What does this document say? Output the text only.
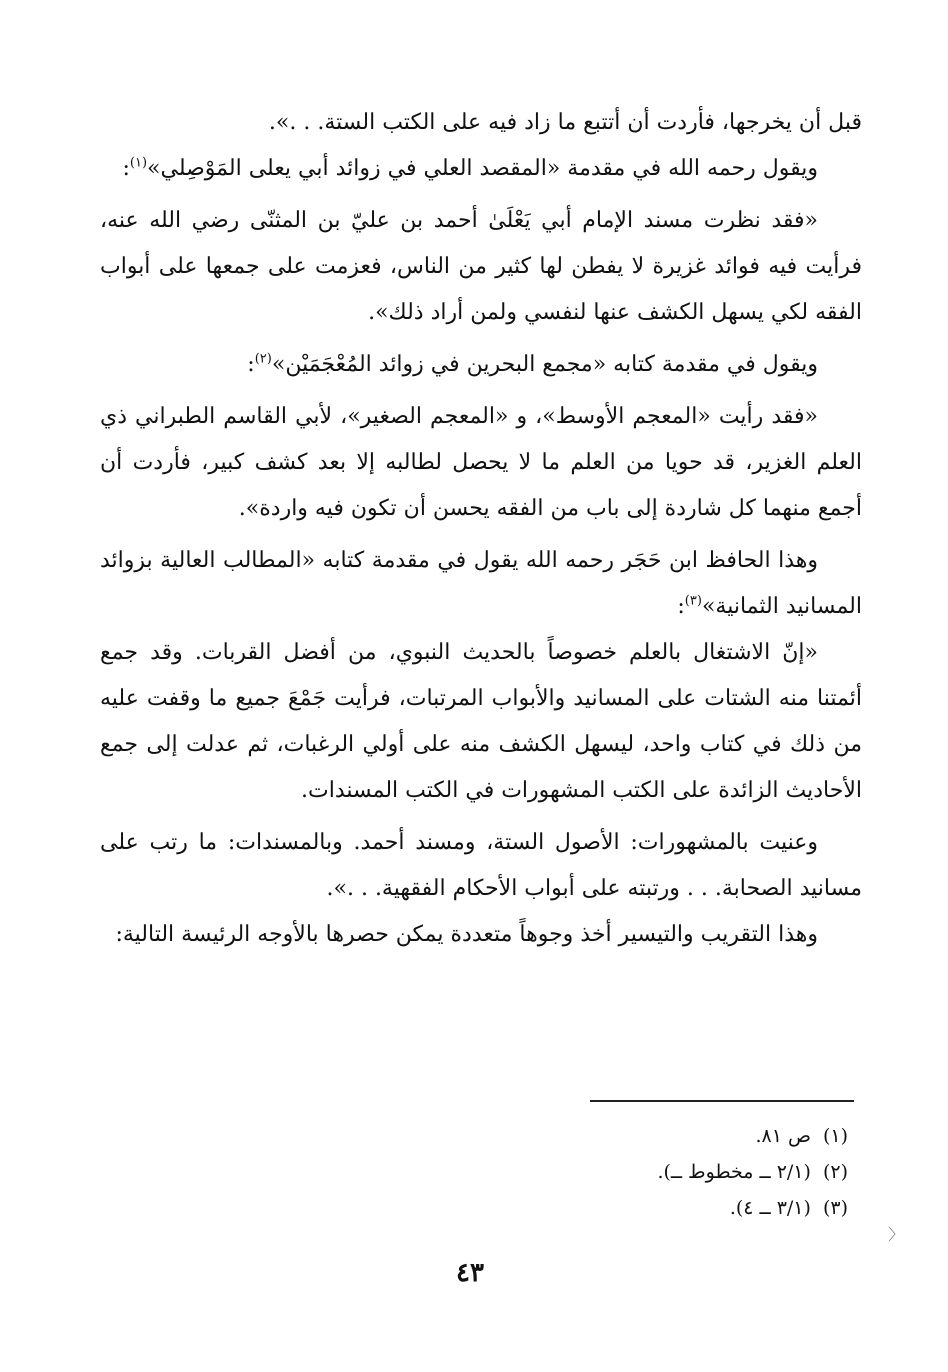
قبل أن يخرجها، فأردت أن أتتبع ما زاد فيه على الكتب الستة. . .».

ويقول رحمه الله في مقدمة «المقصد العلي في زوائد أبي يعلى المَوْصِلي»$^{(١)}$:

«فقد نظرت مسند الإمام أبي يَعْلَىٰ أحمد بن عليّ بن المثنّى رضي الله عنه، فرأيت فيه فوائد غزيرة لا يفطن لها كثير من الناس، فعزمت على جمعها على أبواب الفقه لكي يسهل الكشف عنها لنفسي ولمن أراد ذلك».

ويقول في مقدمة كتابه «مجمع البحرين في زوائد المُعْجَمَيْن»$^{(٢)}$:

«فقد رأيت «المعجم الأوسط»، و «المعجم الصغير»، لأبي القاسم الطبراني ذي العلم الغزير، قد حويا من العلم ما لا يحصل لطالبه إلا بعد كشف كبير، فأردت أن أجمع منهما كل شاردة إلى باب من الفقه يحسن أن تكون فيه واردة».

وهذا الحافظ ابن حَجَر رحمه الله يقول في مقدمة كتابه «المطالب العالية بزوائد المسانيد الثمانية»$^{(٣)}$:

«إنّ الاشتغال بالعلم خصوصاً بالحديث النبوي، من أفضل القربات. وقد جمع أئمتنا منه الشتات على المسانيد والأبواب المرتبات، فرأيت جَمْعَ جميع ما وقفت عليه من ذلك في كتاب واحد، ليسهل الكشف منه على أولي الرغبات، ثم عدلت إلى جمع الأحاديث الزائدة على الكتب المشهورات في الكتب المسندات.

وعنيت بالمشهورات: الأصول الستة، ومسند أحمد. وبالمسندات: ما رتب على مسانيد الصحابة. . . ورتبته على أبواب الأحكام الفقهية. . .».

وهذا التقريب والتيسير أخذ وجوهاً متعددة يمكن حصرها بالأوجه الرئيسة التالية:

(١)ص ٨١.
(٢)(٢/١ ــ مخطوط ــ).
(٣)(٣/١ ــ ٤).
〈
٤٣
